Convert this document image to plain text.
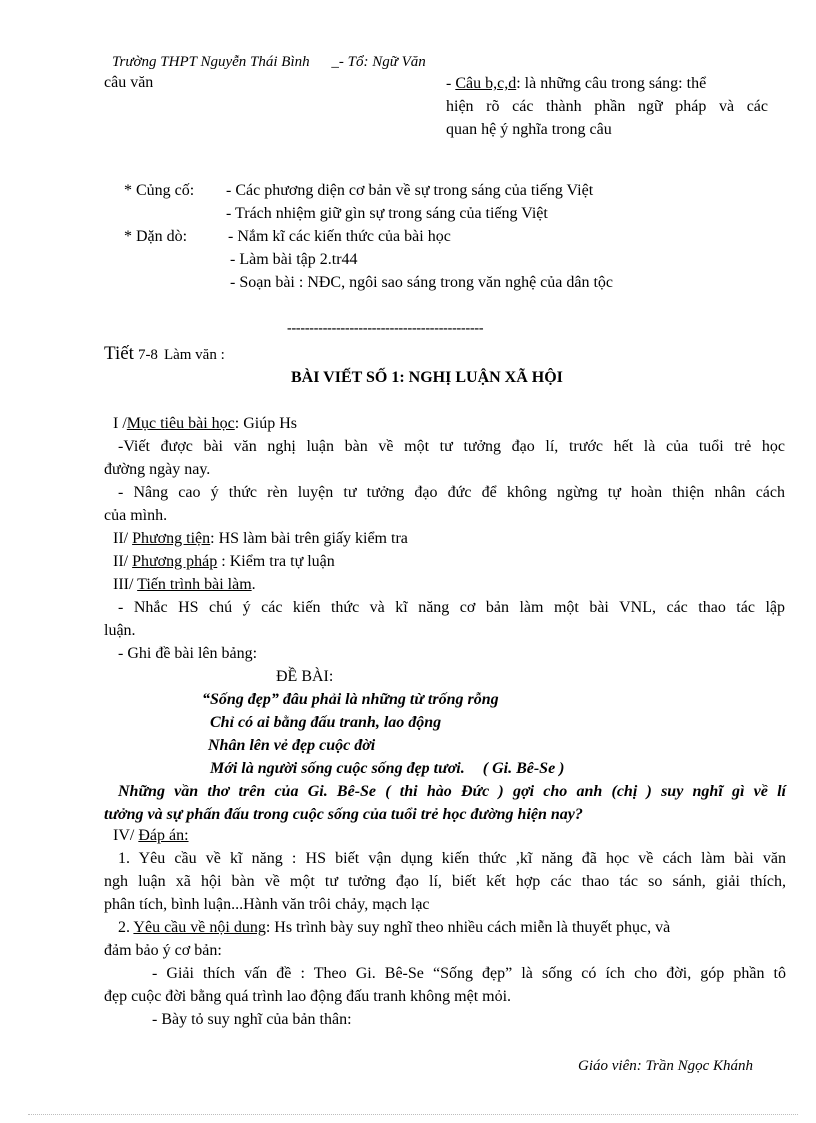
Trường THPT Nguyễn Thái Bình _- Tổ: Ngữ Văn
câu văn	- Câu b,c,d: là những câu trong sáng: thể
hiện rõ các thành phần ngữ pháp và các
quan hệ ý nghĩa trong câu
* Củng cố: - Các phương diện cơ bản về sự trong sáng của tiếng Việt
- Trách nhiệm giữ gìn sự trong sáng của tiếng Việt
* Dặn dò:	- Nắm kĩ các kiến thức của bài học
- Làm bài tập 2.tr44
- Soạn bài : NĐC, ngôi sao sáng trong văn nghệ của dân tộc
--------------------------------------------
Tiết 7-8 Làm văn :
BÀI VIẾT SỐ 1: NGHỊ LUẬN XÃ HỘI
I /Mục tiêu bài học: Giúp Hs
-Viết được bài văn nghị luận bàn về một tư tưởng đạo lí, trước hết là của tuổi trẻ học
đường ngày nay.
- Nâng cao ý thức rèn luyện tư tưởng đạo đức để không ngừng tự hoàn thiện nhân cách
của mình.
II/ Phương tiện: HS làm bài trên giấy kiểm tra
II/ Phương pháp : Kiểm tra tự luận
III/ Tiến trình bài làm.
- Nhắc HS chú ý các kiến thức và kĩ năng cơ bản làm một bài VNL, các thao tác lập
luận.
- Ghi đề bài lên bảng:
ĐỀ BÀI:
“Sống đẹp” đâu phải là những từ trống rỗng
Chỉ có ai bằng đấu tranh, lao động
Nhân lên vẻ đẹp cuộc đời
Mới là người sống cuộc sống đẹp tươi. ( Gi. Bê-Se )
Những vần thơ trên của Gi. Bê-Se ( thi hào Đức ) gợi cho anh (chị ) suy nghĩ gì về lí
tưởng và sự phấn đấu trong cuộc sống của tuổi trẻ học đường hiện nay?
IV/ Đáp án:
1. Yêu cầu về kĩ năng : HS biết vận dụng kiến thức ,kĩ năng đã học về cách làm bài văn
ngh luận xã hội bàn về một tư tưởng đạo lí, biết kết hợp các thao tác so sánh, giải thích,
phân tích, bình luận...Hành văn trôi chảy, mạch lạc
2. Yêu cầu về nội dung: Hs trình bày suy nghĩ theo nhiều cách miễn là thuyết phục, và
đảm bảo ý cơ bản:
- Giải thích vấn đề : Theo Gi. Bê-Se “Sống đẹp” là sống có ích cho đời, góp phần tô
đẹp cuộc đời bằng quá trình lao động đấu tranh không mệt mỏi.
- Bày tỏ suy nghĩ của bản thân:
Giáo viên: Trần Ngọc Khánh
